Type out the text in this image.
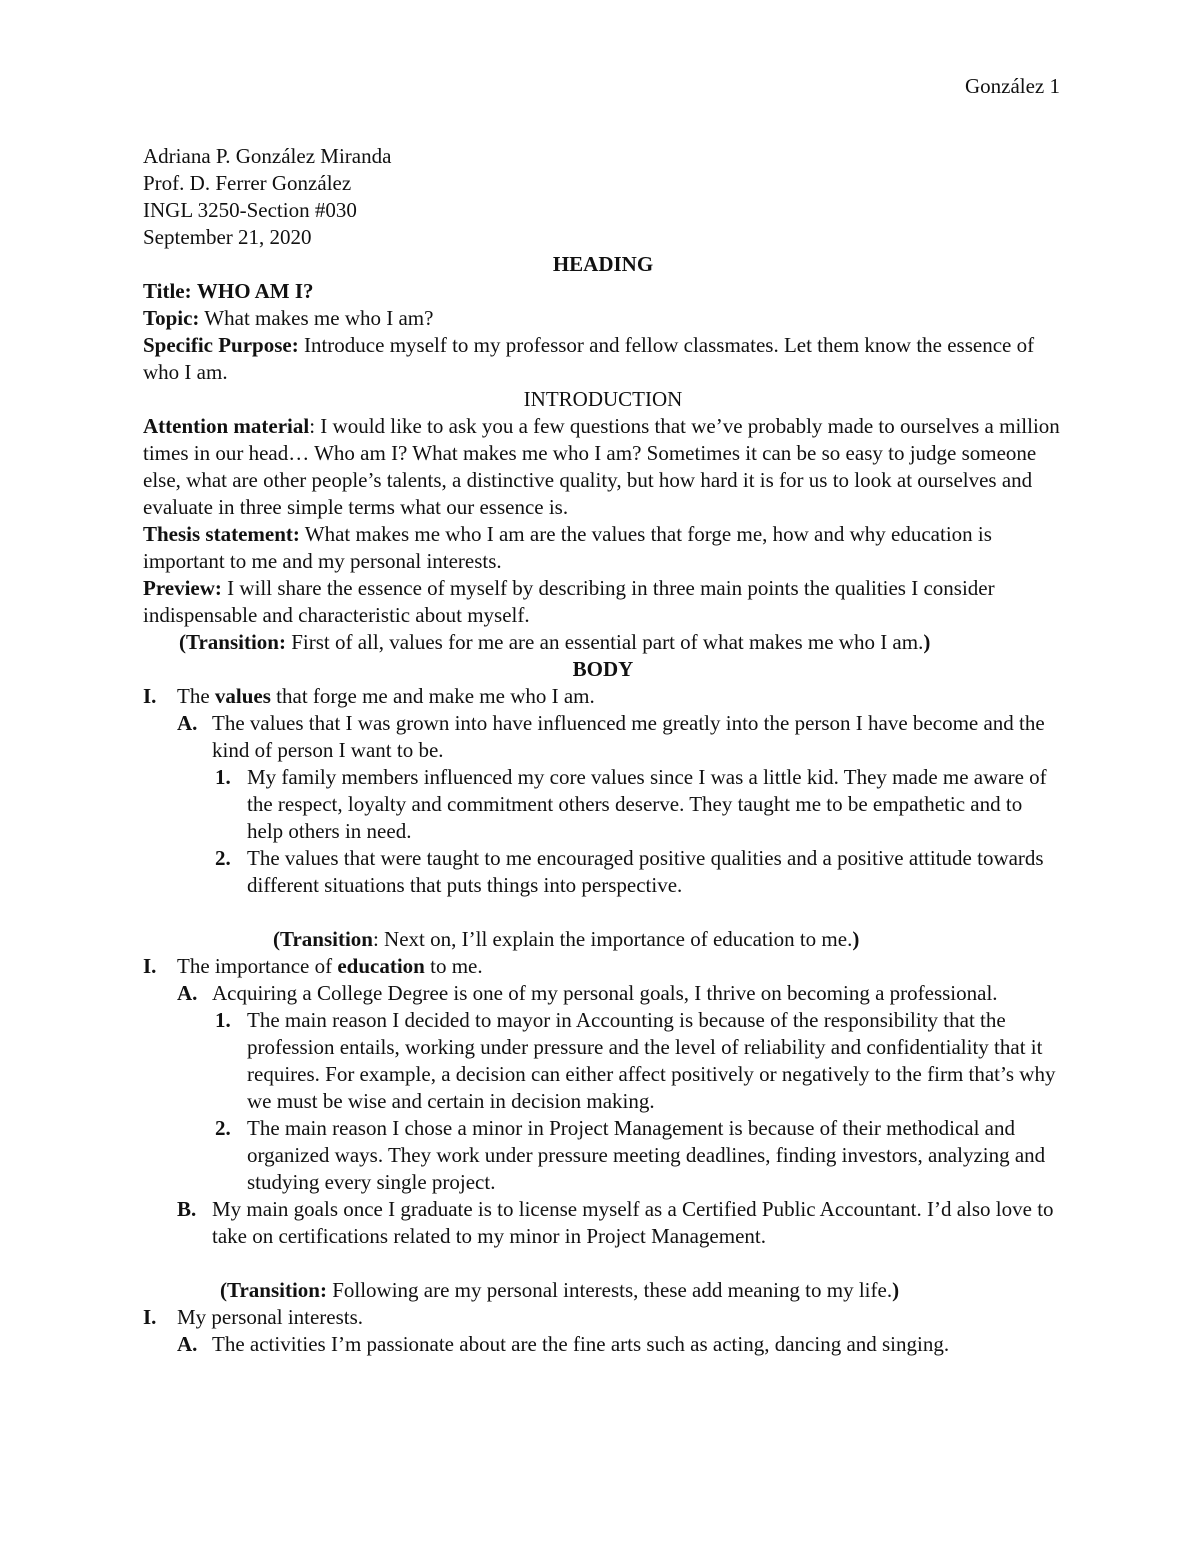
González 1

Adriana P. González Miranda

Prof. D. Ferrer González

INGL 3250-Section #030

September 21, 2020

HEADING

Title: WHO AM I?

Topic: What makes me who I am?

Specific Purpose: Introduce myself to my professor and fellow classmates. Let them know the essence of who I am.

INTRODUCTION

Attention material: I would like to ask you a few questions that we’ve probably made to ourselves a million times in our head… Who am I? What makes me who I am? Sometimes it can be so easy to judge someone else, what are other people’s talents, a distinctive quality, but how hard it is for us to look at ourselves and evaluate in three simple terms what our essence is.

Thesis statement: What makes me who I am are the values that forge me, how and why education is important to me and my personal interests.

Preview: I will share the essence of myself by describing in three main points the qualities I consider indispensable and characteristic about myself.

(Transition: First of all, values for me are an essential part of what makes me who I am.)

BODY

I. The values that forge me and make me who I am.
A. The values that I was grown into have influenced me greatly into the person I have become and the kind of person I want to be.
1. My family members influenced my core values since I was a little kid. They made me aware of the respect, loyalty and commitment others deserve. They taught me to be empathetic and to help others in need.
2. The values that were taught to me encouraged positive qualities and a positive attitude towards different situations that puts things into perspective.

(Transition: Next on, I’ll explain the importance of education to me.)

I. The importance of education to me.
A. Acquiring a College Degree is one of my personal goals, I thrive on becoming a professional.
1. The main reason I decided to mayor in Accounting is because of the responsibility that the profession entails, working under pressure and the level of reliability and confidentiality that it requires. For example, a decision can either affect positively or negatively to the firm that’s why we must be wise and certain in decision making.
2. The main reason I chose a minor in Project Management is because of their methodical and organized ways. They work under pressure meeting deadlines, finding investors, analyzing and studying every single project.
B. My main goals once I graduate is to license myself as a Certified Public Accountant. I’d also love to take on certifications related to my minor in Project Management.

(Transition: Following are my personal interests, these add meaning to my life.)

I. My personal interests.
A. The activities I’m passionate about are the fine arts such as acting, dancing and singing.
